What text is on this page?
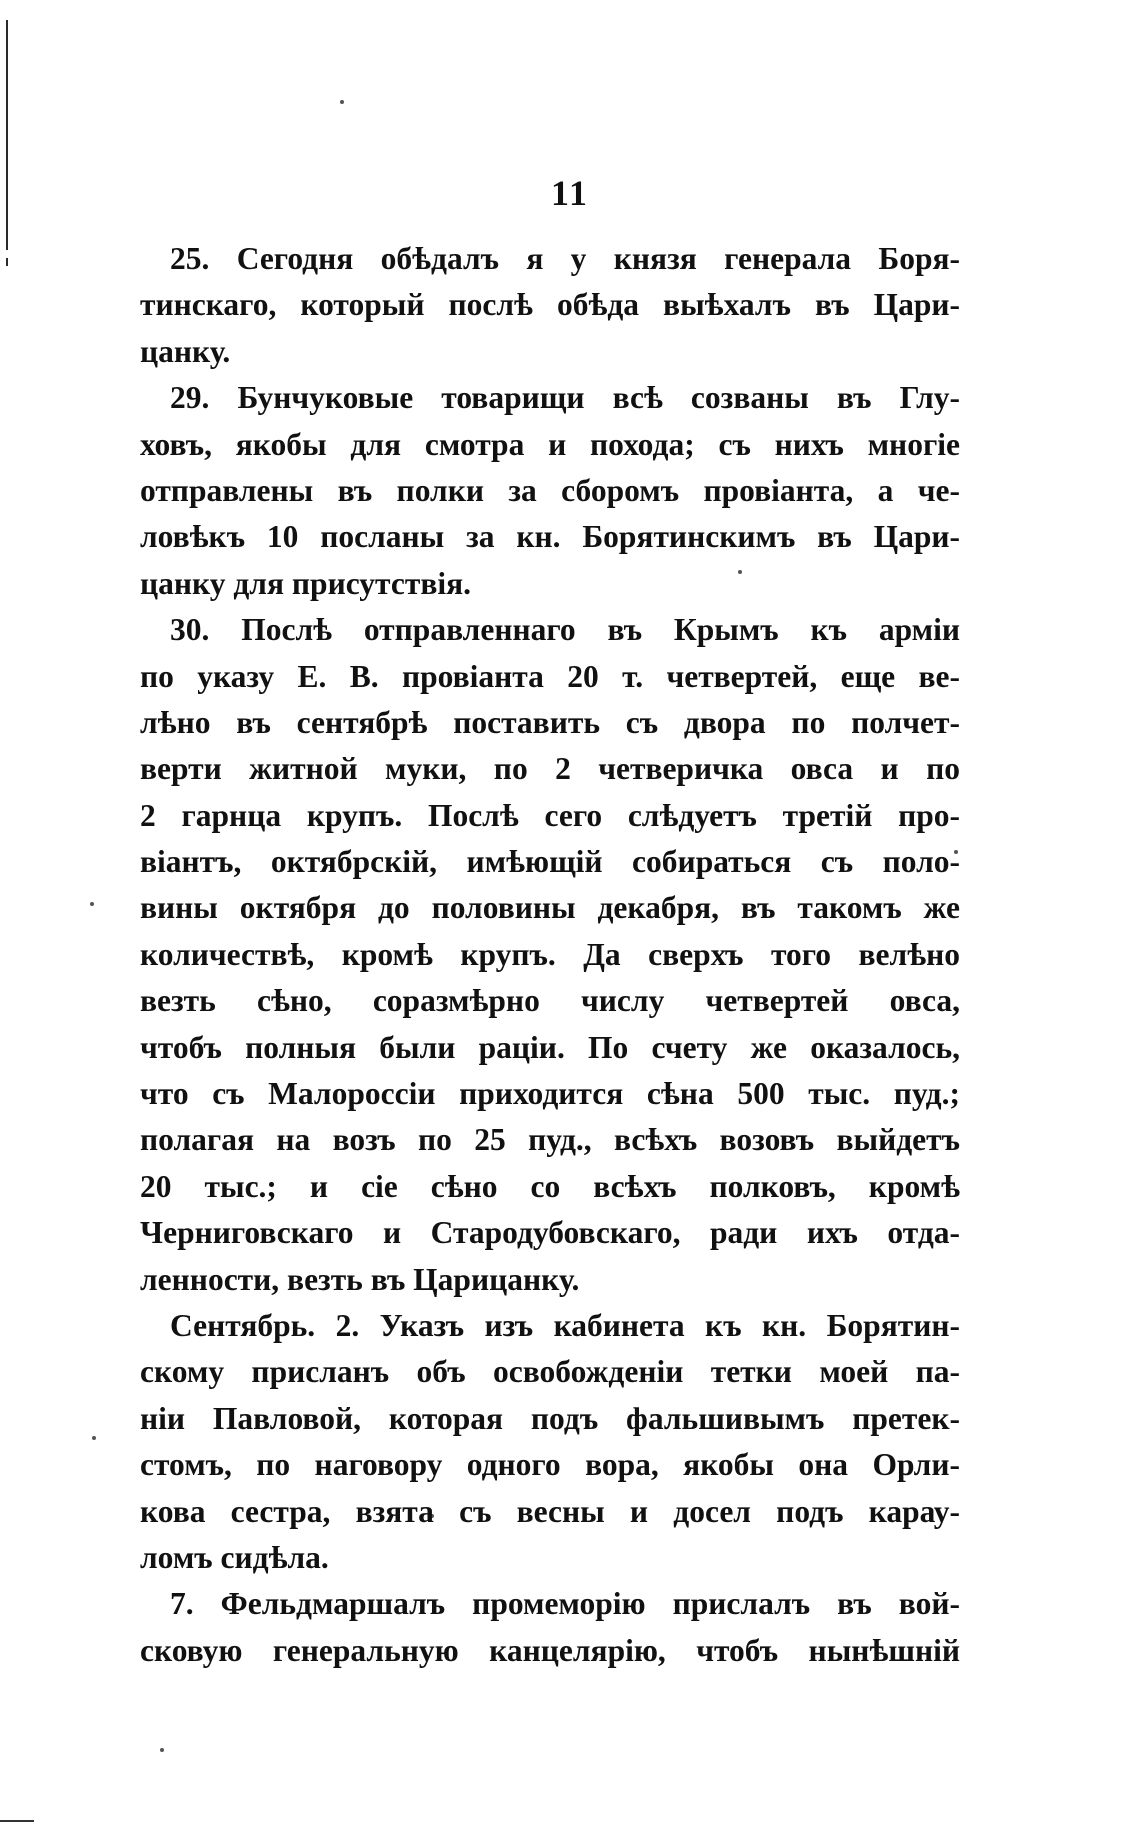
11
25. Сегодня обѣдалъ я у князя генерала Боря-
тинскаго, который послѣ обѣда выѣхалъ въ Цари-
цанку.
29. Бунчуковые товарищи всѣ созваны въ Глу-
ховъ, якобы для смотра и похода; съ нихъ многіе
отправлены въ полки за сборомъ провіанта, а че-
ловѣкъ 10 посланы за кн. Борятинскимъ въ Цари-
цанку для присутствія.
30. Послѣ отправленнаго въ Крымъ къ арміи
по указу Е. В. провіанта 20 т. четвертей, еще ве-
лѣно въ сентябрѣ поставить съ двора по полчет-
верти житной муки, по 2 четверичка овса и по
2 гарнца крупъ. Послѣ сего слѣдуетъ третій про-
віантъ, октябрскій, имѣющій собираться съ поло-
вины октября до половины декабря, въ такомъ же
количествѣ, кромѣ крупъ. Да сверхъ того велѣно
везть сѣно, соразмѣрно числу четвертей овса,
чтобъ полныя были раціи. По счету же оказалось,
что съ Малороссіи приходится сѣна 500 тыс. пуд.;
полагая на возъ по 25 пуд., всѣхъ возовъ выйдетъ
20 тыс.; и сіе сѣно со всѣхъ полковъ, кромѣ
Черниговскаго и Стародубовскаго, ради ихъ отда-
ленности, везть въ Царицанку.
Сентябрь. 2. Указъ изъ кабинета къ кн. Борятин-
скому присланъ объ освобожденіи тетки моей па-
ніи Павловой, которая подъ фальшивымъ претек-
стомъ, по наговору одного вора, якобы она Орли-
кова сестра, взята съ весны и досел подъ карау-
ломъ сидѣла.
7. Фельдмаршалъ промеморію прислалъ въ вой-
сковую генеральную канцелярію, чтобъ нынѣшній
